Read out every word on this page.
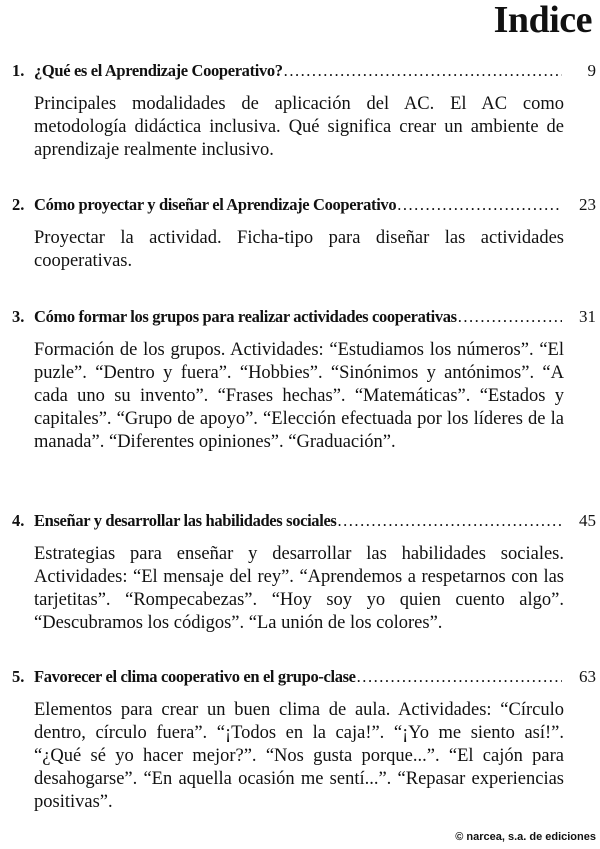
Indice
1. ¿Qué es el Aprendizaje Cooperativo? . . .	9

Principales modalidades de aplicación del AC. El AC como metodología didáctica inclusiva. Qué significa crear un ambiente de aprendizaje realmente inclusivo.

2. Cómo proyectar y diseñar el Aprendizaje Cooperativo . . .	23

Proyectar la actividad. Ficha-tipo para diseñar las actividades cooperativas.

3. Cómo formar los grupos para realizar actividades cooperativas . . .	31

Formación de los grupos. Actividades: “Estudiamos los números”. “El puzle”. “Dentro y fuera”. “Hobbies”. “Sinónimos y antónimos”. “A cada uno su invento”. “Frases hechas”. “Matemáticas”. “Estados y capitales”. “Grupo de apoyo”. “Elección efectuada por los líderes de la manada”. “Diferentes opiniones”. “Graduación”.

4. Enseñar y desarrollar las habilidades sociales . . .	45

Estrategias para enseñar y desarrollar las habilidades sociales. Actividades: “El mensaje del rey”. “Aprendemos a respetarnos con las tarjetitas”. “Rompecabezas”. “Hoy soy yo quien cuento algo”. “Descubramos los códigos”. “La unión de los colores”.

5. Favorecer el clima cooperativo en el grupo-clase . . .	63

Elementos para crear un buen clima de aula. Actividades: “Círculo dentro, círculo fuera”. “¡Todos en la caja!”. “¡Yo me siento así!”. “¿Qué sé yo hacer mejor?”. “Nos gusta porque...”. “El cajón para desahogarse”. “En aquella ocasión me sentí...”. “Repasar experiencias positivas”.

© narcea, s.a. de ediciones
